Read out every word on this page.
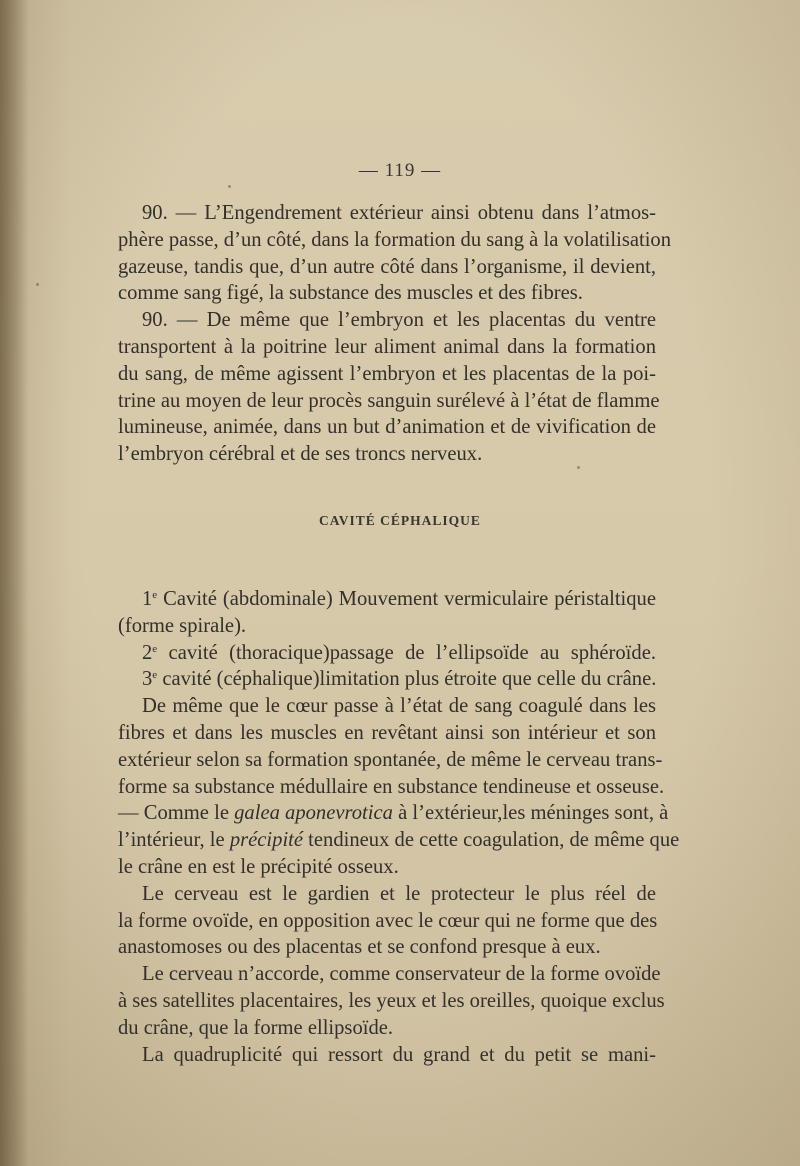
— 119 —
90. — L’Engendrement extérieur ainsi obtenu dans l’atmos-
phère passe, d’un côté, dans la formation du sang à la volatilisation
gazeuse, tandis que, d’un autre côté dans l’organisme, il devient,
comme sang figé, la substance des muscles et des fibres.
90. — De même que l’embryon et les placentas du ventre
transportent à la poitrine leur aliment animal dans la formation
du sang, de même agissent l’embryon et les placentas de la poi-
trine au moyen de leur procès sanguin surélevé à l’état de flamme
lumineuse, animée, dans un but d’animation et de vivification de
l’embryon cérébral et de ses troncs nerveux.
CAVITÉ CÉPHALIQUE
1e Cavité (abdominale) Mouvement vermiculaire péristaltique
(forme spirale).
2e cavité (thoracique)passage de l’ellipsoïde au sphéroïde.
3e cavité (céphalique)limitation plus étroite que celle du crâne.
De même que le cœur passe à l’état de sang coagulé dans les
fibres et dans les muscles en revêtant ainsi son intérieur et son
extérieur selon sa formation spontanée, de même le cerveau trans-
forme sa substance médullaire en substance tendineuse et osseuse.
— Comme le galea aponevrotica à l’extérieur,les méninges sont, à
l’intérieur, le précipité tendineux de cette coagulation, de même que
le crâne en est le précipité osseux.
Le cerveau est le gardien et le protecteur le plus réel de
la forme ovoïde, en opposition avec le cœur qui ne forme que des
anastomoses ou des placentas et se confond presque à eux.
Le cerveau n’accorde, comme conservateur de la forme ovoïde
à ses satellites placentaires, les yeux et les oreilles, quoique exclus
du crâne, que la forme ellipsoïde.
La quadruplicité qui ressort du grand et du petit se mani-
